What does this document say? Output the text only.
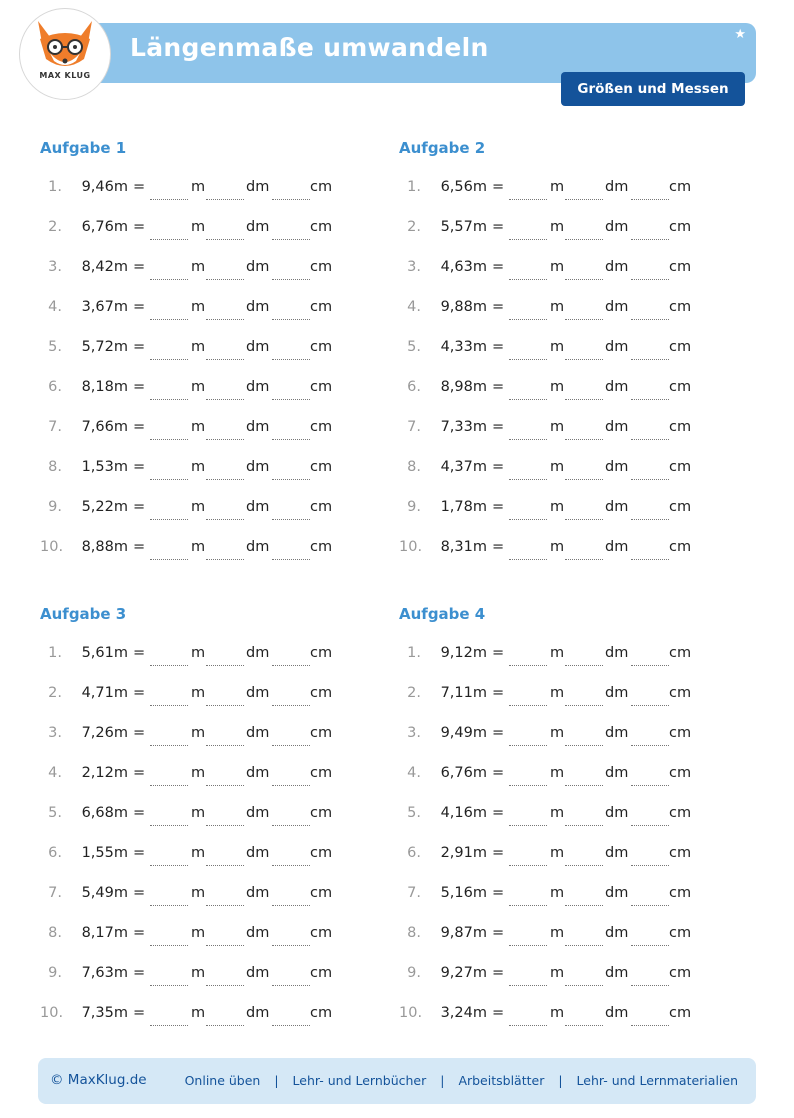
Längenmaße umwandeln	★
MAX KLUG
Größen und Messen
Aufgabe 1
1.	9,46m =	m	dm	cm
2.	6,76m =	m	dm	cm
3.	8,42m =	m	dm	cm
4.	3,67m =	m	dm	cm
5.	5,72m =	m	dm	cm
6.	8,18m =	m	dm	cm
7.	7,66m =	m	dm	cm
8.	1,53m =	m	dm	cm
9.	5,22m =	m	dm	cm
10.	8,88m =	m	dm	cm
Aufgabe 2
1.	6,56m =	m	dm	cm
2.	5,57m =	m	dm	cm
3.	4,63m =	m	dm	cm
4.	9,88m =	m	dm	cm
5.	4,33m =	m	dm	cm
6.	8,98m =	m	dm	cm
7.	7,33m =	m	dm	cm
8.	4,37m =	m	dm	cm
9.	1,78m =	m	dm	cm
10.	8,31m =	m	dm	cm
Aufgabe 3
1.	5,61m =	m	dm	cm
2.	4,71m =	m	dm	cm
3.	7,26m =	m	dm	cm
4.	2,12m =	m	dm	cm
5.	6,68m =	m	dm	cm
6.	1,55m =	m	dm	cm
7.	5,49m =	m	dm	cm
8.	8,17m =	m	dm	cm
9.	7,63m =	m	dm	cm
10.	7,35m =	m	dm	cm
Aufgabe 4
1.	9,12m =	m	dm	cm
2.	7,11m =	m	dm	cm
3.	9,49m =	m	dm	cm
4.	6,76m =	m	dm	cm
5.	4,16m =	m	dm	cm
6.	2,91m =	m	dm	cm
7.	5,16m =	m	dm	cm
8.	9,87m =	m	dm	cm
9.	9,27m =	m	dm	cm
10.	3,24m =	m	dm	cm
© MaxKlug.de	Online üben | Lehr- und Lernbücher | Arbeitsblätter | Lehr- und Lernmaterialien
